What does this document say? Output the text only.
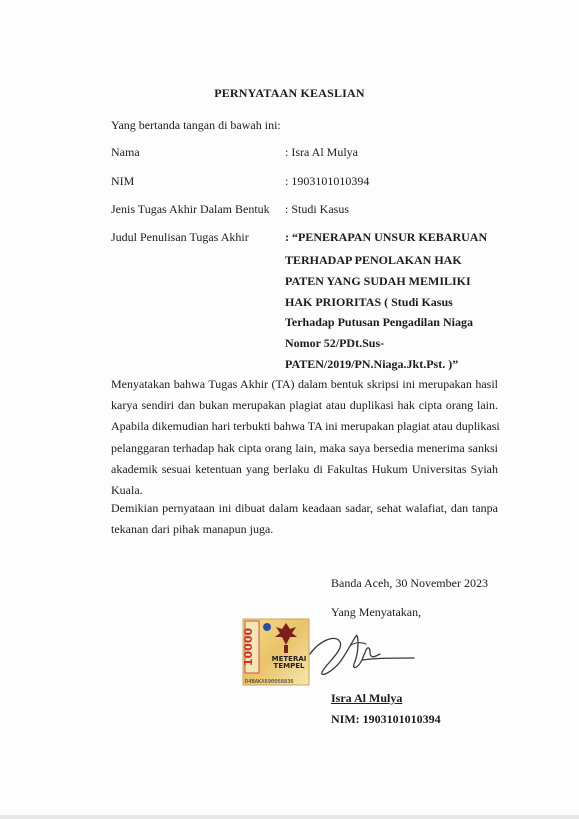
PERNYATAAN KEASLIAN
Yang bertanda tangan di bawah ini:
Nama	: Isra Al Mulya
NIM	: 1903101010394
Jenis Tugas Akhir Dalam Bentuk : Studi Kasus
Judul Penulisan Tugas Akhir	: “PENERAPAN UNSUR KEBARUAN
TERHADAP PENOLAKAN HAK
PATEN YANG SUDAH MEMILIKI
HAK PRIORITAS ( Studi Kasus
Terhadap Putusan Pengadilan Niaga
Nomor 52/PDt.Sus-
PATEN/2019/PN.Niaga.Jkt.Pst. )”
Menyatakan bahwa Tugas Akhir (TA) dalam bentuk skripsi ini merupakan hasil
karya sendiri dan bukan merupakan plagiat atau duplikasi hak cipta orang lain.
Apabila dikemudian hari terbukti bahwa TA ini merupakan plagiat atau duplikasi
pelanggaran terhadap hak cipta orang lain, maka saya bersedia menerima sanksi
akademik sesuai ketentuan yang berlaku di Fakultas Hukum Universitas Syiah
Kuala.
Demikian pernyataan ini dibuat dalam keadaan sadar, sehat walafiat, dan tanpa
tekanan dari pihak manapun juga.
Banda Aceh, 30 November 2023
Yang Menyatakan,
10000 METERAI
TEMPEL
D4BAKX690068836
Isra Al Mulya
NIM: 1903101010394
